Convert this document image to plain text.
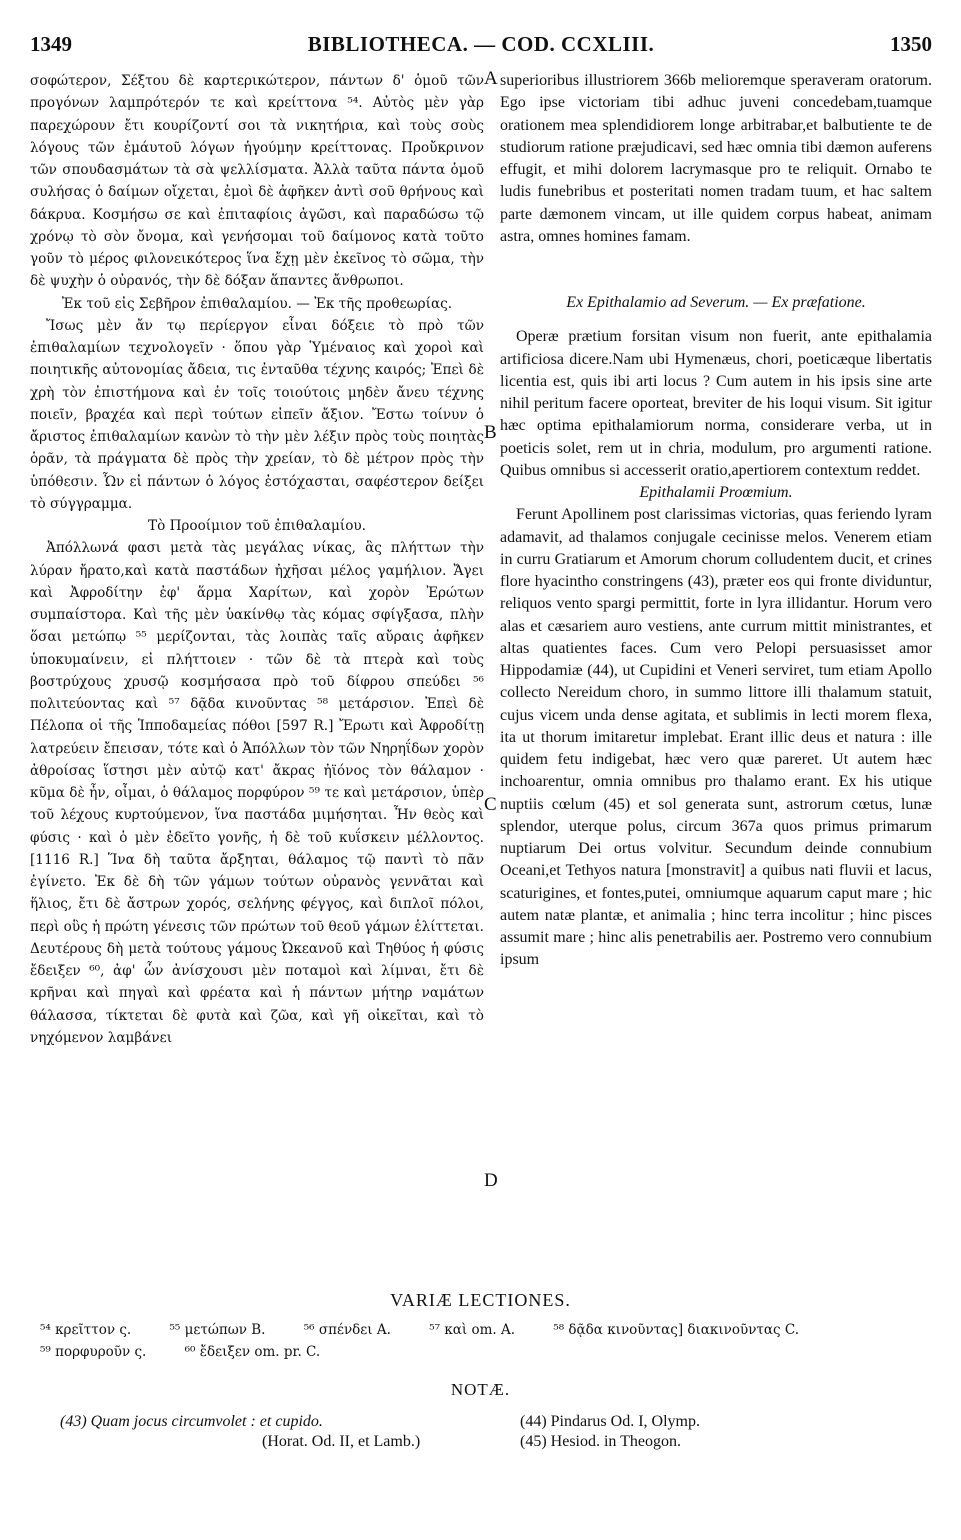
1349	BIBLIOTHECA. — COD. CCXLIII.	1350

σοφώτερον, Σέξτου δὲ καρτερικώτερον, πάντων δ' ὁμοῦ τῶν προγόνων λαμπρότερόν τε καὶ κρείττονα ⁵⁴. Αὐτὸς μὲν γὰρ παρεχώρουν ἔτι κουρίζοντί σοι τὰ νικητήρια, καὶ τοὺς σοὺς λόγους τῶν ἐμάυτοῦ λόγων ἡγούμην κρείττονας. Προὔκρινον τῶν σπουδασμάτων τὰ σὰ ψελλίσματα. Ἀλλὰ ταῦτα πάντα ὁμοῦ συλήσας ὁ δαίμων οἴχεται, ἐμοὶ δὲ ἀφῆκεν ἀντὶ σοῦ θρήνους καὶ δάκρυα. Κοσμήσω σε καὶ ἐπιταφίοις ἀγῶσι, καὶ παραδώσω τῷ χρόνῳ τὸ σὸν ὄνομα, καὶ γενήσομαι τοῦ δαίμονος κατὰ τοῦτο γοῦν τὸ μέρος φιλονεικότερος ἵνα ἔχῃ μὲν ἐκεῖνος τὸ σῶμα, τὴν δὲ ψυχὴν ὁ οὐρανός, τὴν δὲ δόξαν ἅπαντες ἄνθρωποι.

Ἐκ τοῦ εἰς Σεβῆρον ἐπιθαλαμίου. — Ἐκ τῆς προθεωρίας.

Ἴσως μὲν ἄν τῳ περίεργον εἶναι δόξειε τὸ πρὸ τῶν ἐπιθαλαμίων τεχνολογεῖν · ὅπου γὰρ Ὑμέναιος καὶ χοροὶ καὶ ποιητικῆς αὐτονομίας ἄδεια, τις ἐνταῦθα τέχνης καιρός; Ἐπεὶ δὲ χρὴ τὸν ἐπιστήμονα καὶ ἐν τοῖς τοιούτοις μηδὲν ἄνευ τέχνης ποιεῖν, βραχέα καὶ περὶ τούτων εἰπεῖν ἄξιον. Ἔστω τοίνυν ὁ ἄριστος ἐπιθαλαμίων κανὼν τὸ τὴν μὲν λέξιν πρὸς τοὺς ποιητὰς ὁρᾶν, τὰ πράγματα δὲ πρὸς τὴν χρείαν, τὸ δὲ μέτρον πρὸς τὴν ὑπόθεσιν. Ὧν εἰ πάντων ὁ λόγος ἐστόχασται, σαφέστερον δείξει τὸ σύγγραμμα.

Τὸ Προοίμιον τοῦ ἐπιθαλαμίου.

Ἀπόλλωνά φασι μετὰ τὰς μεγάλας νίκας, ἃς πλήττων τὴν λύραν ἤρατο,καὶ κατὰ παστάδων ἠχῆσαι μέλος γαμήλιον. Ἄγει καὶ Ἀφροδίτην ἐφ' ἅρμα Χαρίτων, καὶ χορὸν Ἐρώτων συμπαίστορα. Καὶ τῆς μὲν ὑακίνθῳ τὰς κόμας σφίγξασα, πλὴν ὅσαι μετώπῳ ⁵⁵ μερίζονται, τὰς λοιπὰς ταῖς αὔραις ἀφῆκεν ὑποκυμαίνειν, εἰ πλήττοιεν · τῶν δὲ τὰ πτερὰ καὶ τοὺς βοστρύχους χρυσῷ κοσμήσασα πρὸ τοῦ δίφρου σπεύδει ⁵⁶ πολιτεύοντας καὶ ⁵⁷ δᾷδα κινοῦντας ⁵⁸ μετάρσιον. Ἐπεὶ δὲ Πέλοπα οἱ τῆς Ἱπποδαμείας πόθοι [597 R.] Ἔρωτι καὶ Ἀφροδίτῃ λατρεύειν ἔπεισαν, τότε καὶ ὁ Ἀπόλλων τὸν τῶν Νηρηΐδων χορὸν ἀθροίσας ἵστησι μὲν αὐτῷ κατ' ἄκρας ἠϊόνος τὸν θάλαμον · κῦμα δὲ ἦν, οἶμαι, ὁ θάλαμος πορφύρον ⁵⁹ τε καὶ μετάρσιον, ὑπὲρ τοῦ λέχους κυρτούμενον, ἵνα παστάδα μιμήσηται. Ἦν θεὸς καὶ φύσις · καὶ ὁ μὲν ἐδεῖτο γονῆς, ἡ δὲ τοῦ κυΐσκειν μέλλοντος. [1116 R.] Ἵνα δὴ ταῦτα ἄρξηται, θάλαμος τῷ παντὶ τὸ πᾶν ἐγίνετο. Ἐκ δὲ δὴ τῶν γάμων τούτων οὐρανὸς γεννᾶται καὶ ἥλιος, ἔτι δὲ ἄστρων χορός, σελήνης φέγγος, καὶ διπλοῖ πόλοι, περὶ οὓς ἡ πρώτη γένεσις τῶν πρώτων τοῦ θεοῦ γάμων ἑλίττεται. Δευτέρους δὴ μετὰ τούτους γάμους Ὠκεανοῦ καὶ Τηθύος ἡ φύσις ἔδειξεν ⁶⁰, ἀφ' ὧν ἀνίσχουσι μὲν ποταμοὶ καὶ λίμναι, ἔτι δὲ κρῆναι καὶ πηγαὶ καὶ φρέατα καὶ ἡ πάντων μήτηρ ναμάτων θάλασσα, τίκτεται δὲ φυτὰ καὶ ζῶα, καὶ γῆ οἰκεῖται, καὶ τὸ νηχόμενον λαμβάνει

superioribus illustriorem 366b melioremque speraveram oratorum. Ego ipse victoriam tibi adhuc juveni concedebam,tuamque orationem mea splendidiorem longe arbitrabar,et balbutiente te de studiorum ratione præjudicavi, sed hæc omnia tibi dæmon auferens effugit, et mihi dolorem lacrymasque pro te reliquit. Ornabo te ludis funebribus et posteritati nomen tradam tuum, et hac saltem parte dæmonem vincam, ut ille quidem corpus habeat, animam astra, omnes homines famam.

Ex Epithalamio ad Severum. — Ex præfatione.

Operæ prætium forsitan visum non fuerit, ante epithalamia artificiosa dicere.Nam ubi Hymenæus, chori, poeticæque libertatis licentia est, quis ibi arti locus ? Cum autem in his ipsis sine arte nihil peritum facere oporteat, breviter de his loqui visum. Sit igitur hæc optima epithalamiorum norma, considerare verba, ut in poeticis solet, rem ut in chria, modulum, pro argumenti ratione. Quibus omnibus si accesserit oratio,apertiorem contextum reddet.

Epithalamii Proœmium.

Ferunt Apollinem post clarissimas victorias, quas feriendo lyram adamavit, ad thalamos conjugale cecinisse melos. Venerem etiam in curru Gratiarum et Amorum chorum colludentem ducit, et crines flore hyacintho constringens (43), præter eos qui fronte dividuntur, reliquos vento spargi permittit, forte in lyra illidantur. Horum vero alas et cæsariem auro vestiens, ante currum mittit ministrantes, et altas quatientes faces. Cum vero Pelopi persuasisset amor Hippodamiæ (44), ut Cupidini et Veneri serviret, tum etiam Apollo collecto Nereidum choro, in summo littore illi thalamum statuit, cujus vicem unda dense agitata, et sublimis in lecti morem flexa, ita ut thorum imitaretur implebat. Erant illic deus et natura : ille quidem fetu indigebat, hæc vero quæ pareret. Ut autem hæc inchoarentur, omnia omnibus pro thalamo erant. Ex his utique nuptiis cœlum (45) et sol generata sunt, astrorum cœtus, lunæ splendor, uterque polus, circum 367a quos primus primarum nuptiarum Dei ortus volvitur. Secundum deinde connubium Oceani,et Tethyos natura [monstravit] a quibus nati fluvii et lacus, scaturigines, et fontes,putei, omniumque aquarum caput mare ; hic autem natæ plantæ, et animalia ; hinc terra incolitur ; hinc pisces assumit mare ; hinc alis penetrabilis aer. Postremo vero connubium ipsum

A
B
C
D
VARIÆ LECTIONES.
⁵⁴ κρεῖττον ς.	⁵⁵ μετώπων B.	⁵⁶ σπένδει A.	⁵⁷ καὶ om. A.	⁵⁸ δᾷδα κινοῦντας] διακινοῦντας C.
⁵⁹ πορφυροῦν ς.	⁶⁰ ἔδειξεν om. pr. C.
NOTÆ.
(43) Quam jocus circumvolet : et cupido.
(Horat. Od. II, et Lamb.)
(44) Pindarus Od. I, Olymp.
(45) Hesiod. in Theogon.
